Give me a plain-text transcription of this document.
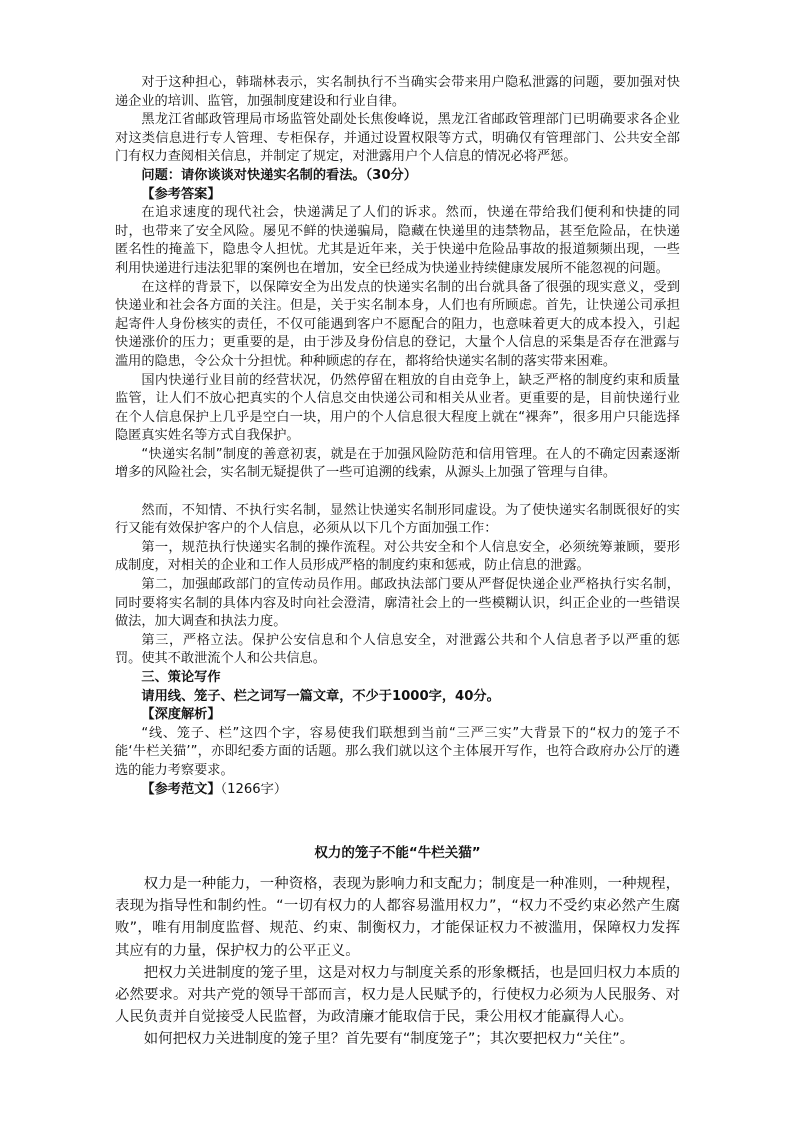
对于这种担心，韩瑞林表示，实名制执行不当确实会带来用户隐私泄露的问题，要加强对快递企业的培训、监管，加强制度建设和行业自律。

黑龙江省邮政管理局市场监管处副处长焦俊峰说，黑龙江省邮政管理部门已明确要求各企业对这类信息进行专人管理、专柜保存，并通过设置权限等方式，明确仅有管理部门、公共安全部门有权力查阅相关信息，并制定了规定，对泄露用户个人信息的情况必将严惩。

问题：请你谈谈对快递实名制的看法。（30分）

【参考答案】

在追求速度的现代社会，快递满足了人们的诉求。然而，快递在带给我们便利和快捷的同时，也带来了安全风险。屡见不鲜的快递骗局，隐藏在快递里的违禁物品，甚至危险品，在快递匿名性的掩盖下，隐患令人担忧。尤其是近年来，关于快递中危险品事故的报道频频出现，一些利用快递进行违法犯罪的案例也在增加，安全已经成为快递业持续健康发展所不能忽视的问题。

在这样的背景下，以保障安全为出发点的快递实名制的出台就具备了很强的现实意义，受到快递业和社会各方面的关注。但是，关于实名制本身，人们也有所顾虑。首先，让快递公司承担起寄件人身份核实的责任，不仅可能遇到客户不愿配合的阻力，也意味着更大的成本投入，引起快递涨价的压力；更重要的是，由于涉及身份信息的登记，大量个人信息的采集是否存在泄露与滥用的隐患，令公众十分担忧。种种顾虑的存在，都将给快递实名制的落实带来困难。

国内快递行业目前的经营状况，仍然停留在粗放的自由竞争上，缺乏严格的制度约束和质量监管，让人们不放心把真实的个人信息交由快递公司和相关从业者。更重要的是，目前快递行业在个人信息保护上几乎是空白一块，用户的个人信息很大程度上就在“裸奔”，很多用户只能选择隐匿真实姓名等方式自我保护。

“快递实名制”制度的善意初衷，就是在于加强风险防范和信用管理。在人的不确定因素逐渐增多的风险社会，实名制无疑提供了一些可追溯的线索，从源头上加强了管理与自律。

然而，不知情、不执行实名制，显然让快递实名制形同虚设。为了使快递实名制既很好的实行又能有效保护客户的个人信息，必须从以下几个方面加强工作：

第一，规范执行快递实名制的操作流程。对公共安全和个人信息安全，必须统筹兼顾，要形成制度，对相关的企业和工作人员形成严格的制度约束和惩戒，防止信息的泄露。

第二，加强邮政部门的宣传动员作用。邮政执法部门要从严督促快递企业严格执行实名制，同时要将实名制的具体内容及时向社会澄清，廓清社会上的一些模糊认识，纠正企业的一些错误做法，加大调查和执法力度。

第三，严格立法。保护公安信息和个人信息安全，对泄露公共和个人信息者予以严重的惩罚。使其不敢泄流个人和公共信息。

三、策论写作

请用线、笼子、栏之词写一篇文章，不少于1000字，40分。

【深度解析】

“线、笼子、栏”这四个字，容易使我们联想到当前“三严三实”大背景下的“权力的笼子不能‘牛栏关猫’”，亦即纪委方面的话题。那么我们就以这个主体展开写作，也符合政府办公厅的遴选的能力考察要求。

【参考范文】（1266字）

权力的笼子不能“牛栏关猫”

权力是一种能力，一种资格，表现为影响力和支配力；制度是一种准则，一种规程，表现为指导性和制约性。“一切有权力的人都容易滥用权力”，“权力不受约束必然产生腐败”，唯有用制度监督、规范、约束、制衡权力，才能保证权力不被滥用，保障权力发挥其应有的力量，保护权力的公平正义。

把权力关进制度的笼子里，这是对权力与制度关系的形象概括，也是回归权力本质的必然要求。对共产党的领导干部而言，权力是人民赋予的，行使权力必须为人民服务、对人民负责并自觉接受人民监督，为政清廉才能取信于民，秉公用权才能赢得人心。

如何把权力关进制度的笼子里？首先要有“制度笼子”；其次要把权力“关住”。
